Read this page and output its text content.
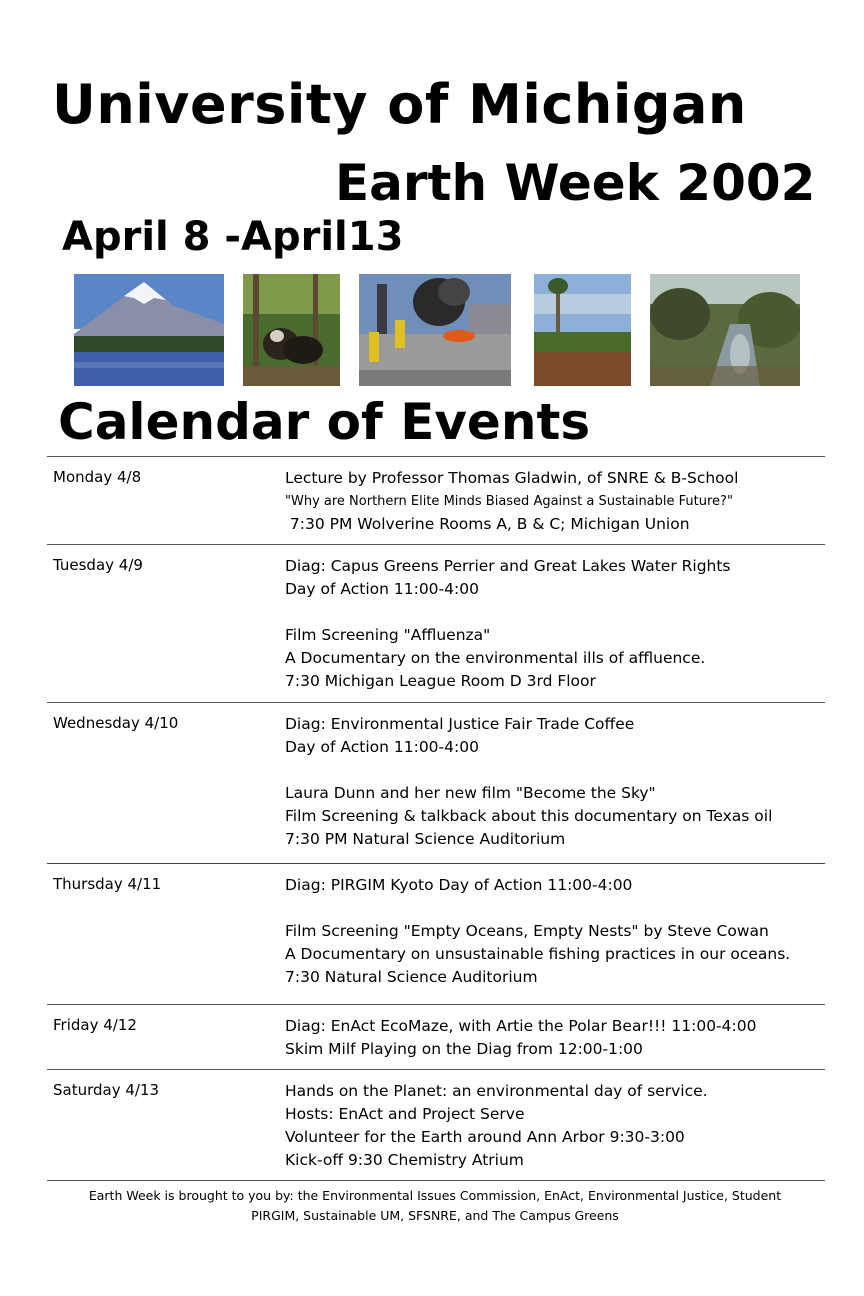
University of Michigan
Earth Week 2002
April 8 -April13
Calendar of Events
Monday 4/8	Lecture by Professor Thomas Gladwin, of SNRE & B-School
"Why are Northern Elite Minds Biased Against a Sustainable Future?"
7:30 PM Wolverine Rooms A, B & C; Michigan Union
Tuesday 4/9	Diag: Capus Greens Perrier and Great Lakes Water Rights
Day of Action 11:00-4:00
Film Screening "Affluenza"
A Documentary on the environmental ills of affluence.
7:30 Michigan League Room D 3rd Floor
Wednesday 4/10	Diag: Environmental Justice Fair Trade Coffee
Day of Action 11:00-4:00
Laura Dunn and her new film "Become the Sky"
Film Screening & talkback about this documentary on Texas oil
7:30 PM Natural Science Auditorium
Thursday 4/11	Diag: PIRGIM Kyoto Day of Action 11:00-4:00
Film Screening "Empty Oceans, Empty Nests" by Steve Cowan
A Documentary on unsustainable fishing practices in our oceans.
7:30 Natural Science Auditorium
Friday 4/12	Diag: EnAct EcoMaze, with Artie the Polar Bear!!! 11:00-4:00
Skim Milf Playing on the Diag from 12:00-1:00
Saturday 4/13	Hands on the Planet: an environmental day of service.
Hosts: EnAct and Project Serve
Volunteer for the Earth around Ann Arbor 9:30-3:00
Kick-off 9:30 Chemistry Atrium
Earth Week is brought to you by: the Environmental Issues Commission, EnAct, Environmental Justice, Student
PIRGIM, Sustainable UM, SFSNRE, and The Campus Greens
